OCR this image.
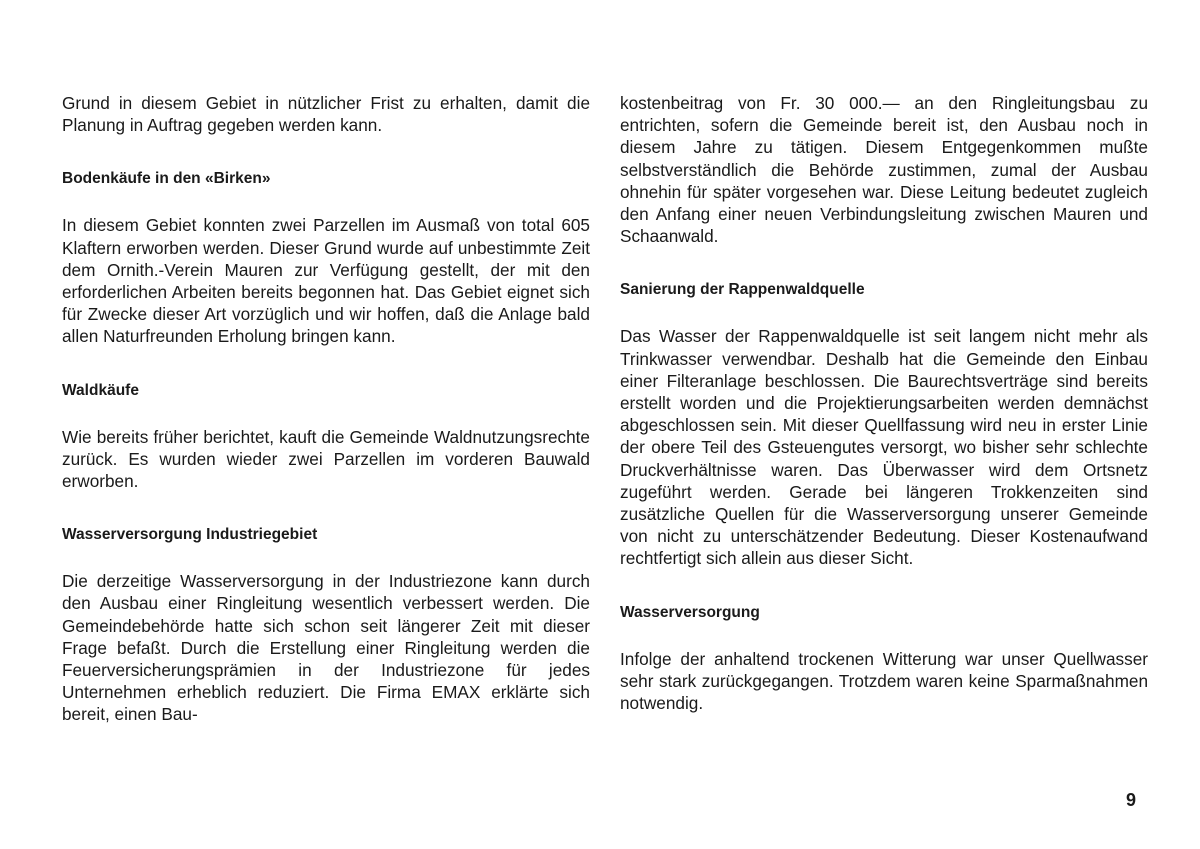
Grund in diesem Gebiet in nützlicher Frist zu erhalten, damit die Planung in Auftrag gegeben werden kann.

Bodenkäufe in den «Birken»

In diesem Gebiet konnten zwei Parzellen im Ausmaß von total 605 Klaftern erworben werden. Dieser Grund wurde auf unbestimmte Zeit dem Ornith.-Verein Mauren zur Verfügung gestellt, der mit den erforderlichen Arbeiten bereits begonnen hat. Das Gebiet eignet sich für Zwecke dieser Art vorzüglich und wir hoffen, daß die Anlage bald allen Naturfreunden Erholung bringen kann.

Waldkäufe

Wie bereits früher berichtet, kauft die Gemeinde Waldnutzungsrechte zurück. Es wurden wieder zwei Parzellen im vorderen Bauwald erworben.

Wasserversorgung Industriegebiet

Die derzeitige Wasserversorgung in der Industriezone kann durch den Ausbau einer Ringleitung wesentlich verbessert werden. Die Gemeindebehörde hatte sich schon seit längerer Zeit mit dieser Frage befaßt. Durch die Erstellung einer Ringleitung werden die Feuerversicherungsprämien in der Industriezone für jedes Unternehmen erheblich reduziert. Die Firma EMAX erklärte sich bereit, einen Bau-

kostenbeitrag von Fr. 30 000.— an den Ringleitungsbau zu entrichten, sofern die Gemeinde bereit ist, den Ausbau noch in diesem Jahre zu tätigen. Diesem Entgegenkommen mußte selbstverständlich die Behörde zustimmen, zumal der Ausbau ohnehin für später vorgesehen war. Diese Leitung bedeutet zugleich den Anfang einer neuen Verbindungsleitung zwischen Mauren und Schaanwald.

Sanierung der Rappenwaldquelle

Das Wasser der Rappenwaldquelle ist seit langem nicht mehr als Trinkwasser verwendbar. Deshalb hat die Gemeinde den Einbau einer Filteranlage beschlossen. Die Baurechtsverträge sind bereits erstellt worden und die Projektierungsarbeiten werden demnächst abgeschlossen sein. Mit dieser Quellfassung wird neu in erster Linie der obere Teil des Gsteuengutes versorgt, wo bisher sehr schlechte Druckverhältnisse waren. Das Überwasser wird dem Ortsnetz zugeführt werden. Gerade bei längeren Trokkenzeiten sind zusätzliche Quellen für die Wasserversorgung unserer Gemeinde von nicht zu unterschätzender Bedeutung. Dieser Kostenaufwand rechtfertigt sich allein aus dieser Sicht.

Wasserversorgung

Infolge der anhaltend trockenen Witterung war unser Quellwasser sehr stark zurückgegangen. Trotzdem waren keine Sparmaßnahmen notwendig.

9
